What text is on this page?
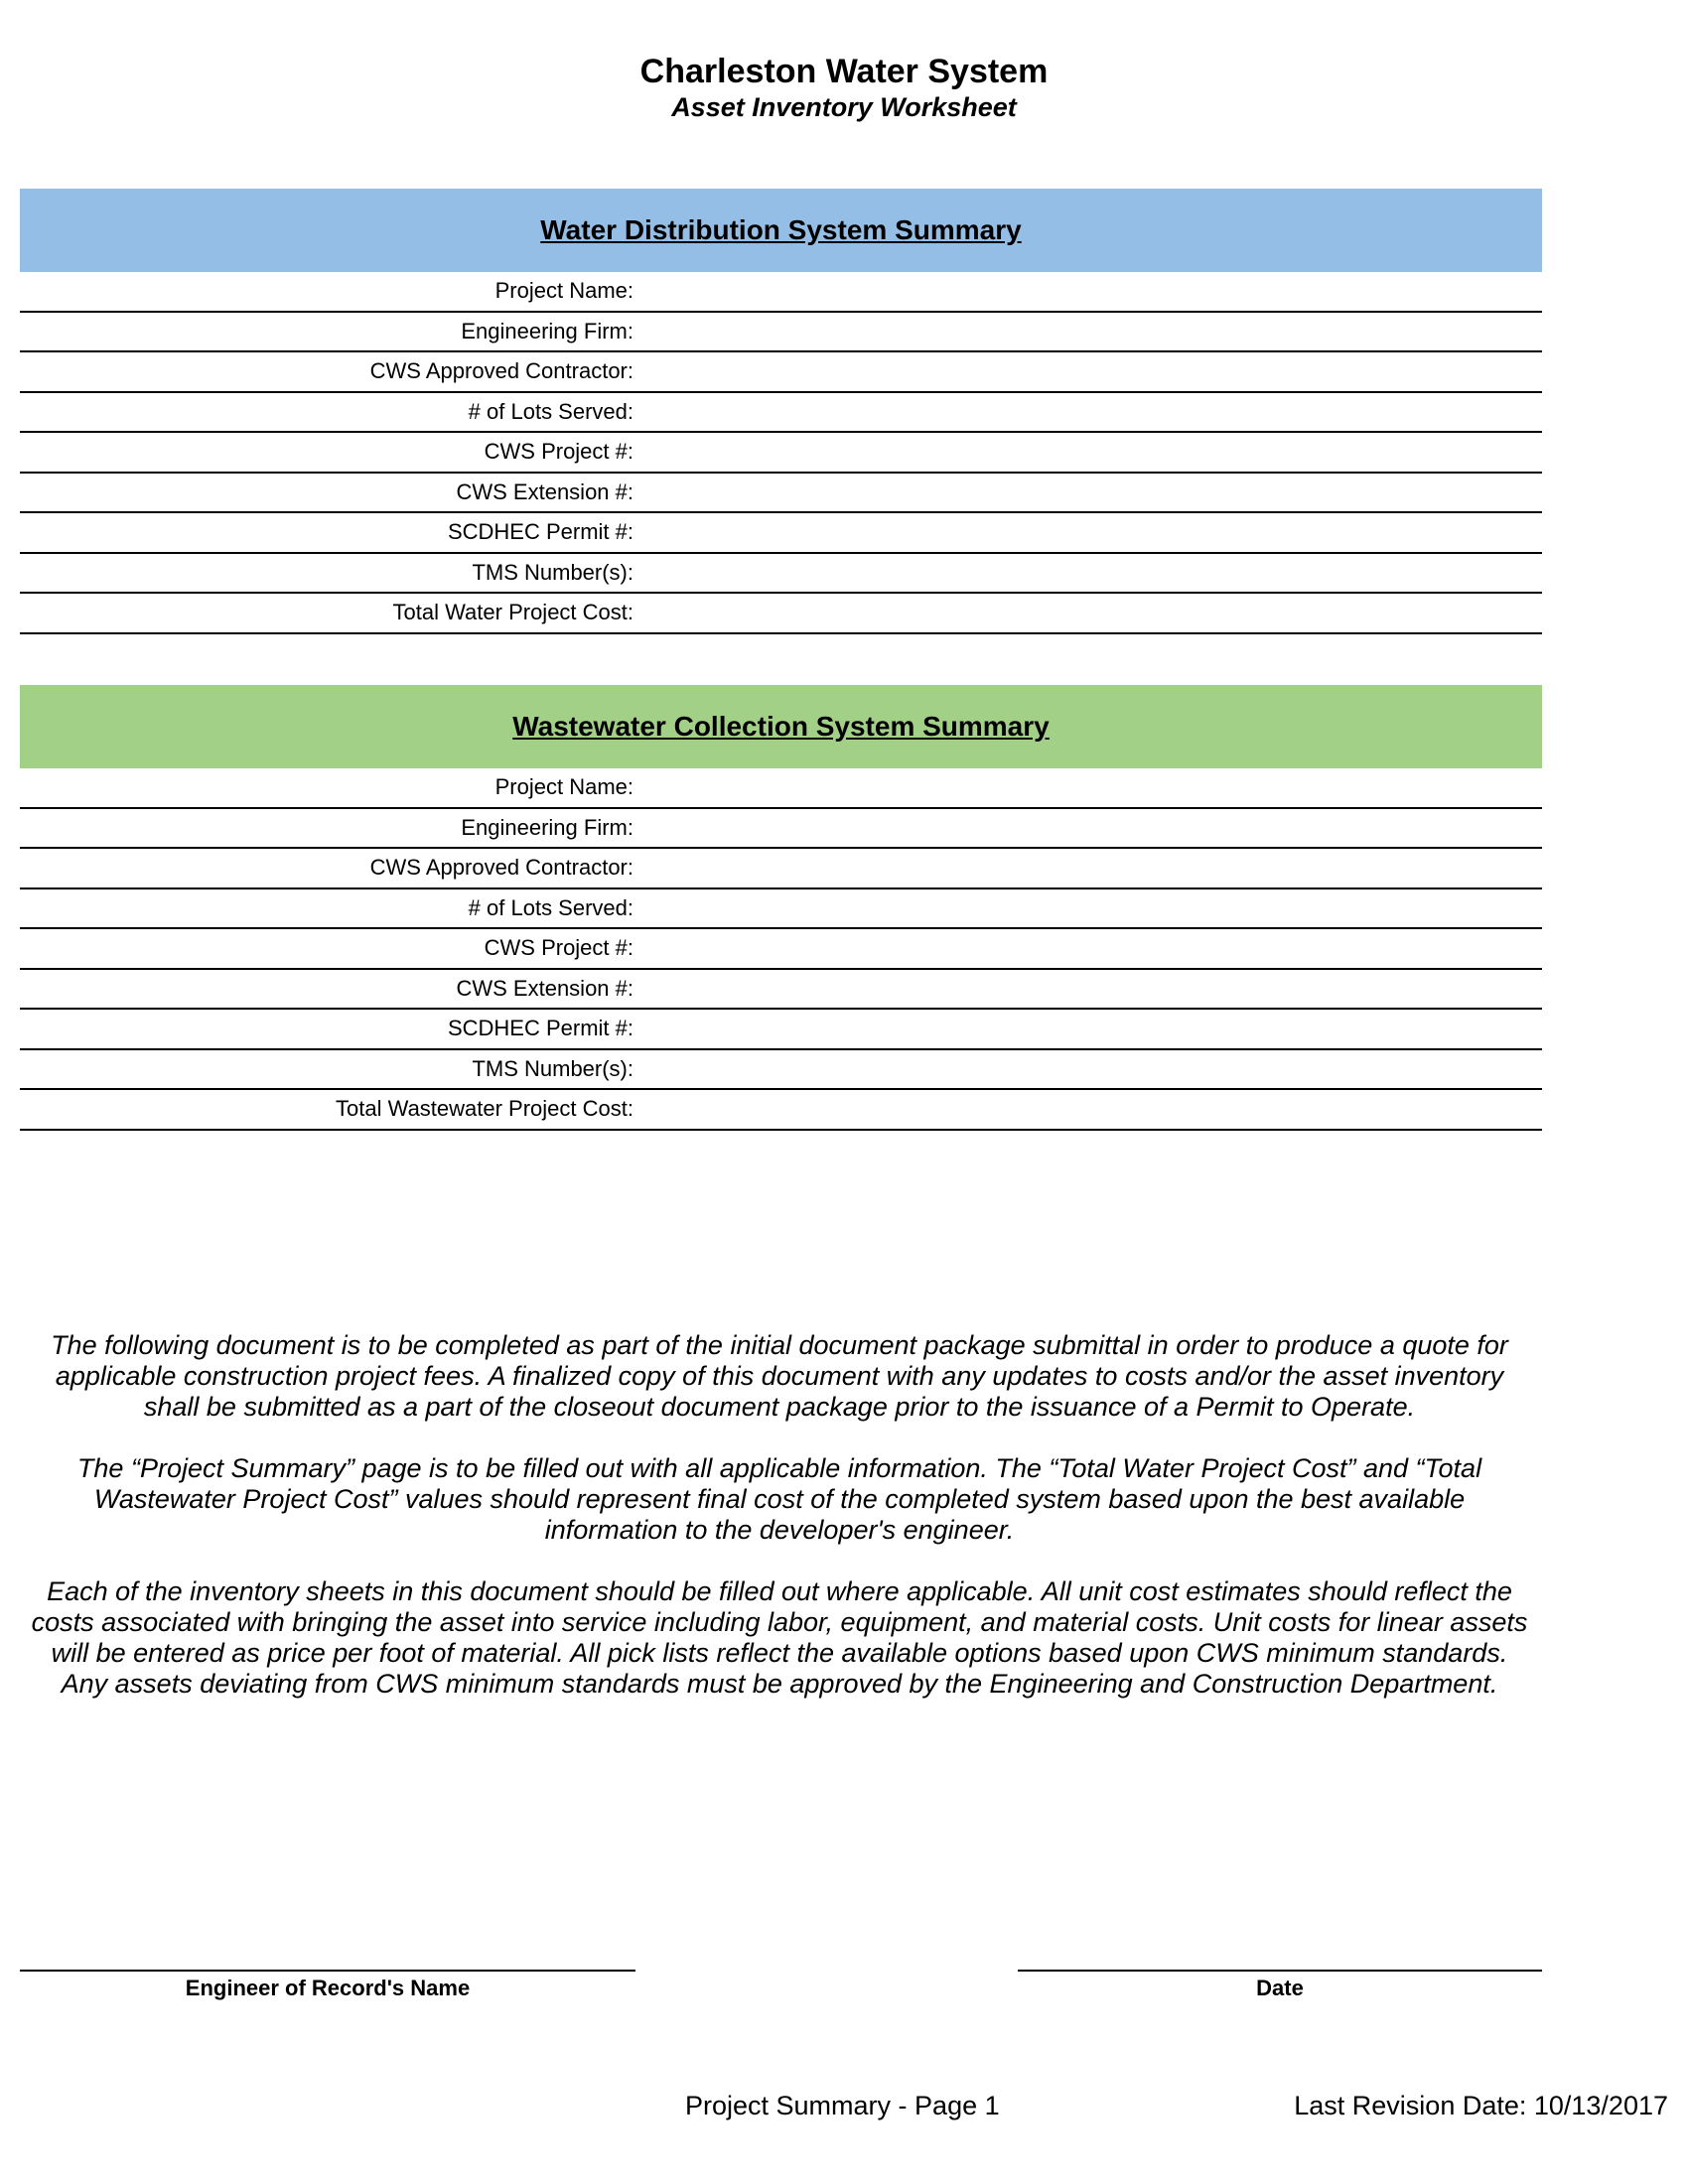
Charleston Water System
Asset Inventory Worksheet
Water Distribution System Summary
Project Name:
Engineering Firm:
CWS Approved Contractor:
# of Lots Served:
CWS Project #:
CWS Extension #:
SCDHEC Permit #:
TMS Number(s):
Total Water Project Cost:
Wastewater Collection System Summary
Project Name:
Engineering Firm:
CWS Approved Contractor:
# of Lots Served:
CWS Project #:
CWS Extension #:
SCDHEC Permit #:
TMS Number(s):
Total Wastewater Project Cost:

The following document is to be completed as part of the initial document package submittal in order to produce a quote for applicable construction project fees. A finalized copy of this document with any updates to costs and/or the asset inventory shall be submitted as a part of the closeout document package prior to the issuance of a Permit to Operate.

The “Project Summary” page is to be filled out with all applicable information. The “Total Water Project Cost” and “Total Wastewater Project Cost” values should represent final cost of the completed system based upon the best available information to the developer's engineer.

Each of the inventory sheets in this document should be filled out where applicable. All unit cost estimates should reflect the costs associated with bringing the asset into service including labor, equipment, and material costs. Unit costs for linear assets will be entered as price per foot of material. All pick lists reflect the available options based upon CWS minimum standards. Any assets deviating from CWS minimum standards must be approved by the Engineering and Construction Department.

Engineer of Record's Name	Date
Project Summary - Page 1	Last Revision Date: 10/13/2017
